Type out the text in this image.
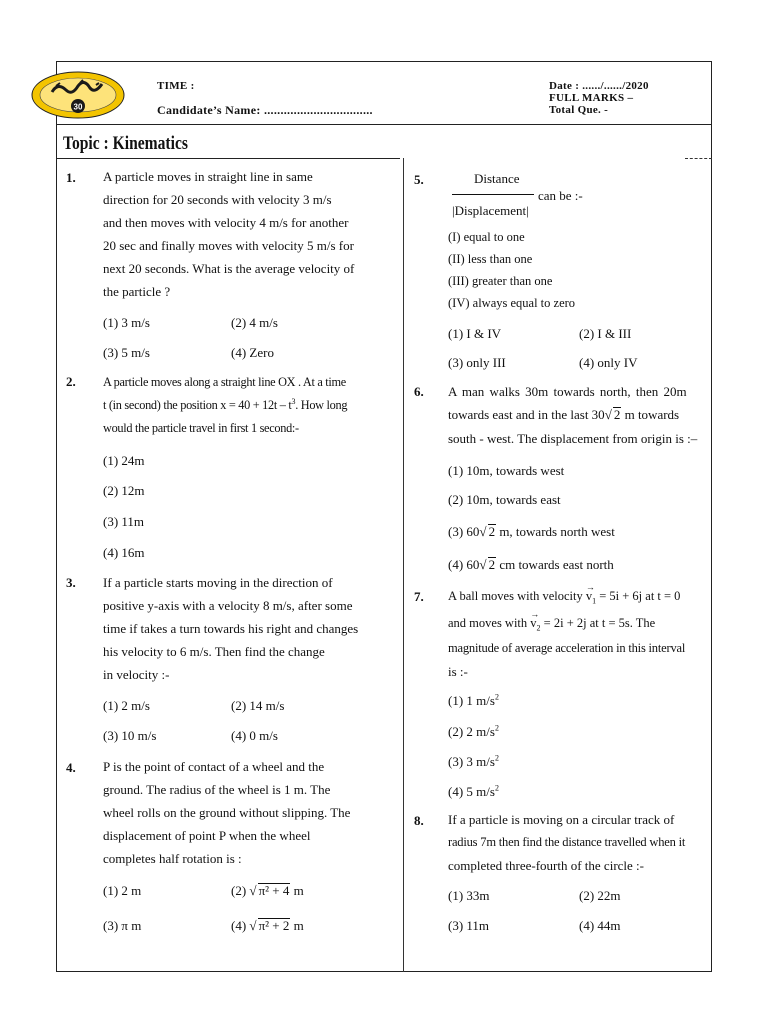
30
TIME :
Candidate’s Name: .................................
Date : ....../....../2020
FULL MARKS –
Total Que. -
Topic : Kinematics
1. A particle moves in straight line in same
direction for 20 seconds with velocity 3 m/s
and then moves with velocity 4 m/s for another
20 sec and finally moves with velocity 5 m/s for
next 20 seconds. What is the average velocity of
the particle ?
(1) 3 m/s	(2) 4 m/s
(3) 5 m/s	(4) Zero
2. A particle moves along a straight line OX . At a time
t (in second) the position $x = 40 + 12t - t^3$. How long
would the particle travel in first 1 second:-
(1) 24m
(2) 12m
(3) 11m
(4) 16m
3. If a particle starts moving in the direction of
positive y-axis with a velocity 8 m/s, after some
time if takes a turn towards his right and changes
his velocity to 6 m/s. Then find the change
in velocity :-
(1) 2 m/s	(2) 14 m/s
(3) 10 m/s	(4) 0 m/s
4. P is the point of contact of a wheel and the
ground. The radius of the wheel is 1 m. The
wheel rolls on the ground without slipping. The
displacement of point P when the wheel
completes half rotation is :
(1) 2 m	(2) √ π² + 4 m
(3) π m	(4) √ π² + 2 m
5.	Distance
|Displacement|
can be :-
(I) equal to one
(II) less than one
(III) greater than one
(IV) always equal to zero
(1) I & IV	(2) I & III
(3) only III	(4) only IV
6. A man walks 30m towards north, then 20m
towards east and in the last 30√ 2 m towards
south - west. The displacement from origin is :–
(1) 10m, towards west
(2) 10m, towards east
(3) 60√ 2 m, towards north west
(4) 60√ 2 cm towards east north
7. A ball moves with velocity → $v_1 = 5i + 6j$ at t = 0
and moves with → $v_2 = 2i + 2j$ at t = 5s. The
magnitude of average acceleration in this interval
is :-
(1) 1 $m/s^2$
(2) 2 $m/s^2$
(3) 3 $m/s^2$
(4) 5 $m/s^2$
8. If a particle is moving on a circular track of
radius 7m then find the distance travelled when it
completed three-fourth of the circle :-
(1) 33m	(2) 22m
(3) 11m	(4) 44m
